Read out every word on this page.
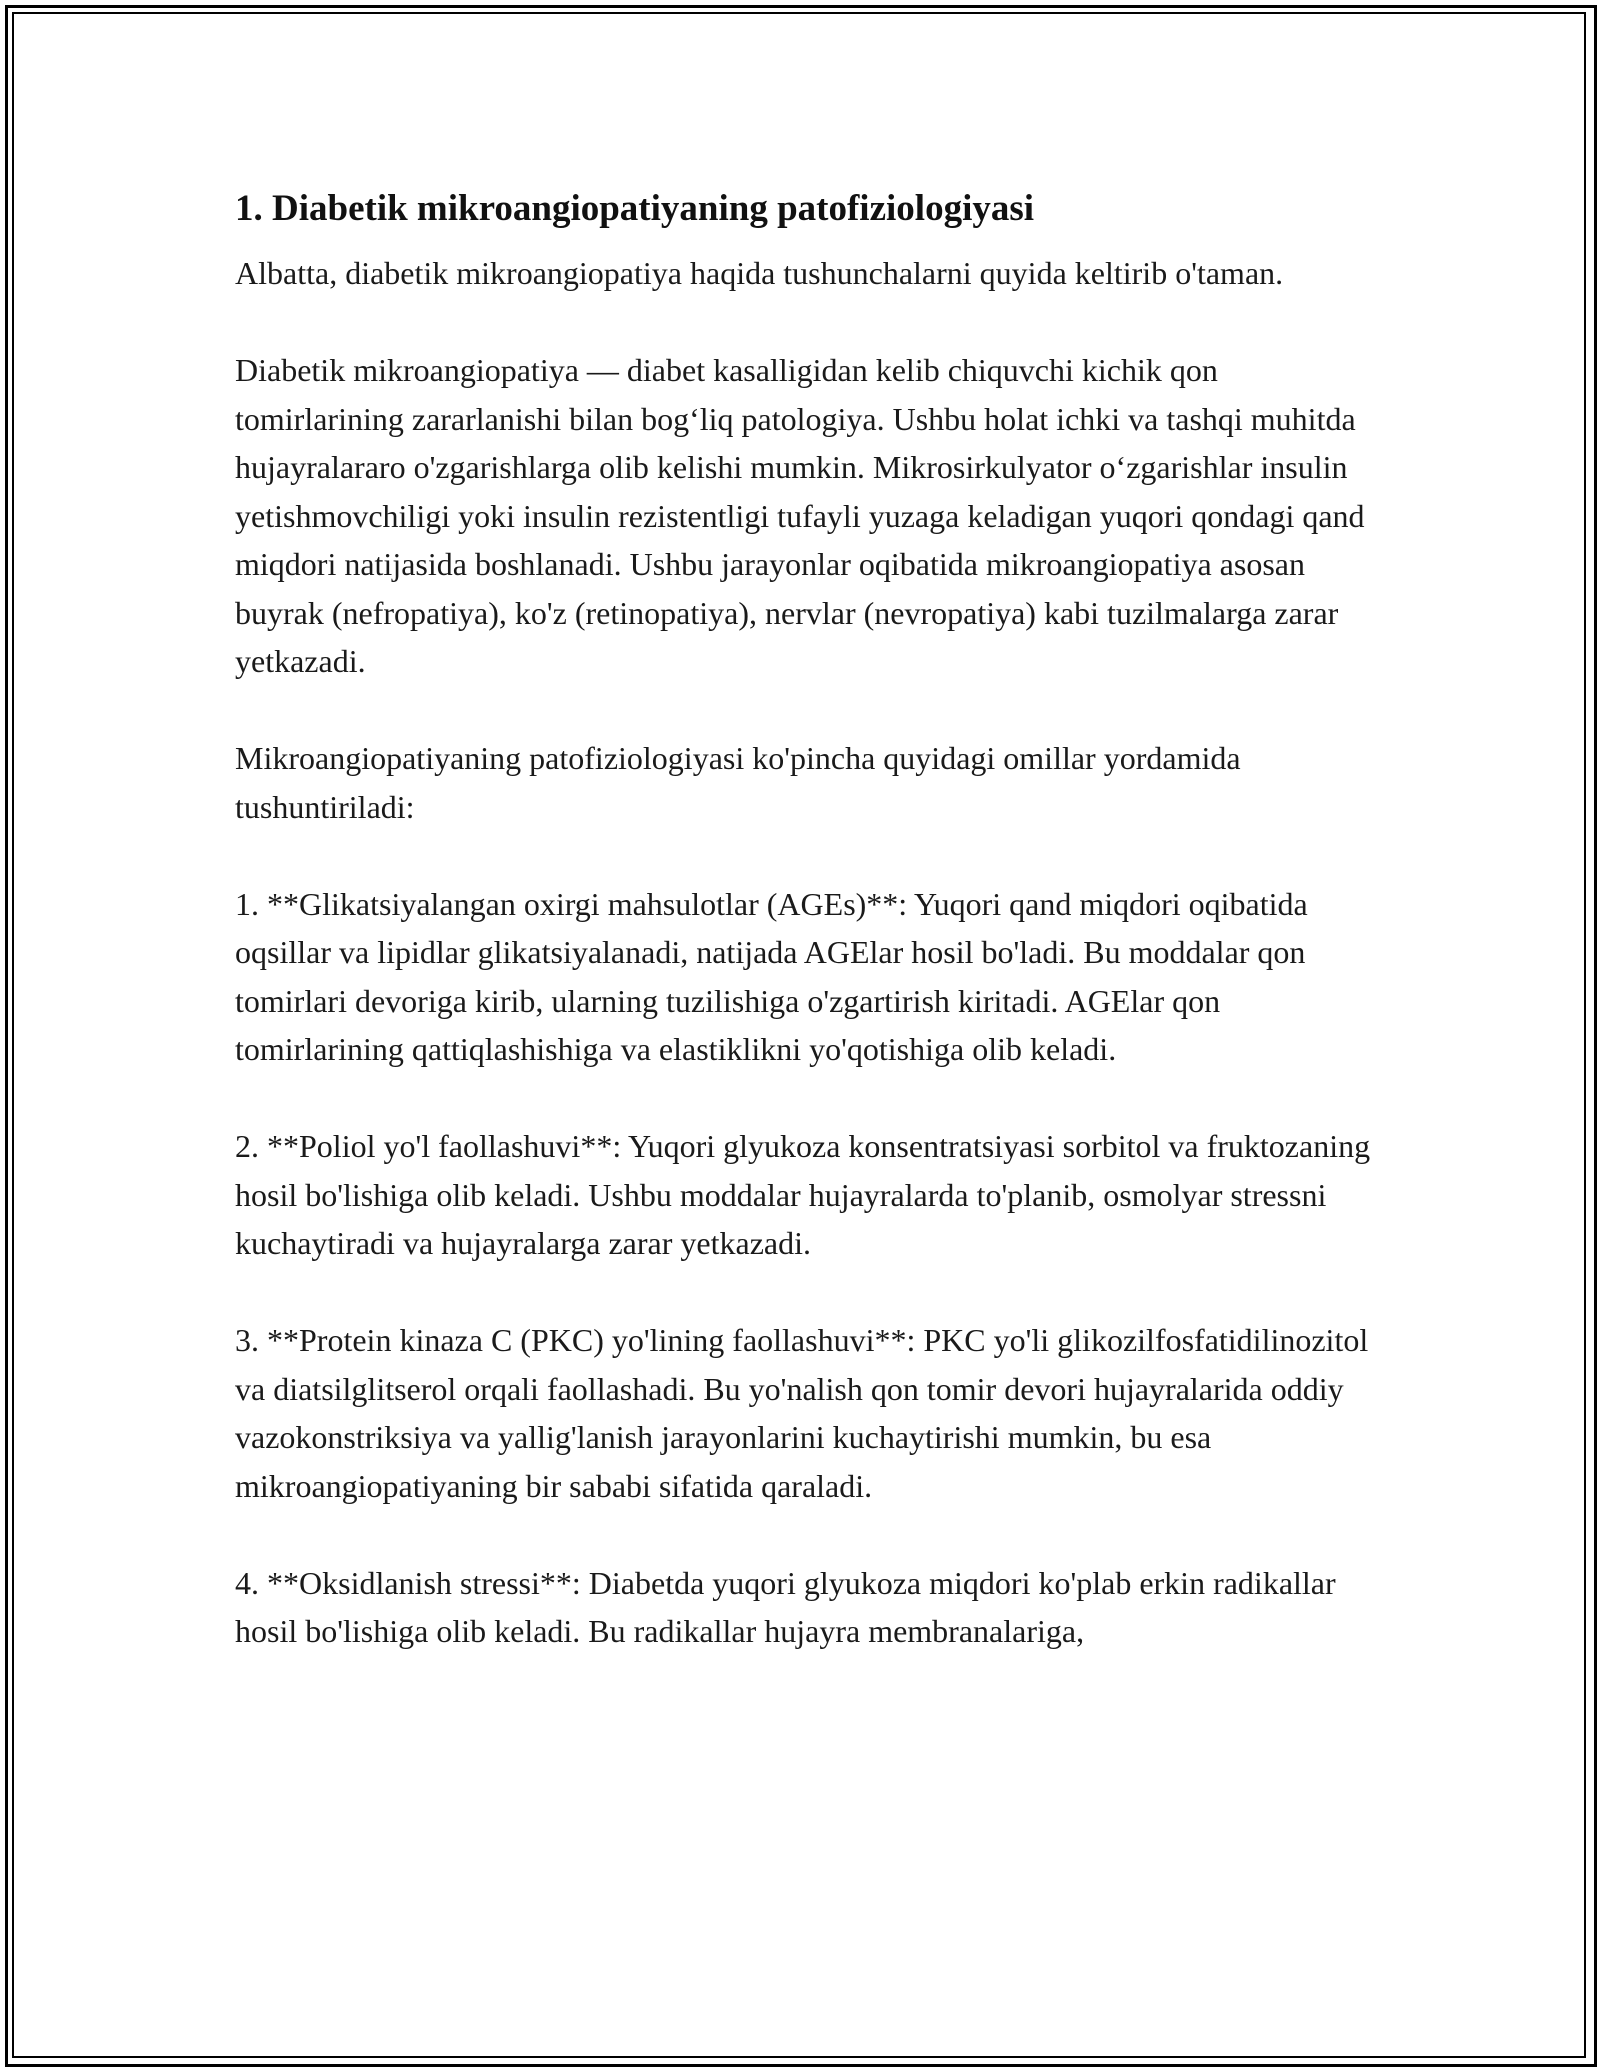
1. Diabetik mikroangiopatiyaning patofiziologiyasi

Albatta, diabetik mikroangiopatiya haqida tushunchalarni quyida keltirib o'taman.

Diabetik mikroangiopatiya — diabet kasalligidan kelib chiquvchi kichik qon tomirlarining zararlanishi bilan bog‘liq patologiya. Ushbu holat ichki va tashqi muhitda hujayralararo o'zgarishlarga olib kelishi mumkin. Mikrosirkulyator o‘zgarishlar insulin yetishmovchiligi yoki insulin rezistentligi tufayli yuzaga keladigan yuqori qondagi qand miqdori natijasida boshlanadi. Ushbu jarayonlar oqibatida mikroangiopatiya asosan buyrak (nefropatiya), ko'z (retinopatiya), nervlar (nevropatiya) kabi tuzilmalarga zarar yetkazadi.

Mikroangiopatiyaning patofiziologiyasi ko'pincha quyidagi omillar yordamida tushuntiriladi:

1. **Glikatsiyalangan oxirgi mahsulotlar (AGEs)**: Yuqori qand miqdori oqibatida oqsillar va lipidlar glikatsiyalanadi, natijada AGElar hosil bo'ladi. Bu moddalar qon tomirlari devoriga kirib, ularning tuzilishiga o'zgartirish kiritadi. AGElar qon tomirlarining qattiqlashishiga va elastiklikni yo'qotishiga olib keladi.

2. **Poliol yo'l faollashuvi**: Yuqori glyukoza konsentratsiyasi sorbitol va fruktozaning hosil bo'lishiga olib keladi. Ushbu moddalar hujayralarda to'planib, osmolyar stressni kuchaytiradi va hujayralarga zarar yetkazadi.

3. **Protein kinaza C (PKC) yo'lining faollashuvi**: PKC yo'li glikozilfosfatidilinozitol va diatsilglitserol orqali faollashadi. Bu yo'nalish qon tomir devori hujayralarida oddiy vazokonstriksiya va yallig'lanish jarayonlarini kuchaytirishi mumkin, bu esa mikroangiopatiyaning bir sababi sifatida qaraladi.

4. **Oksidlanish stressi**: Diabetda yuqori glyukoza miqdori ko'plab erkin radikallar hosil bo'lishiga olib keladi. Bu radikallar hujayra membranalariga,
